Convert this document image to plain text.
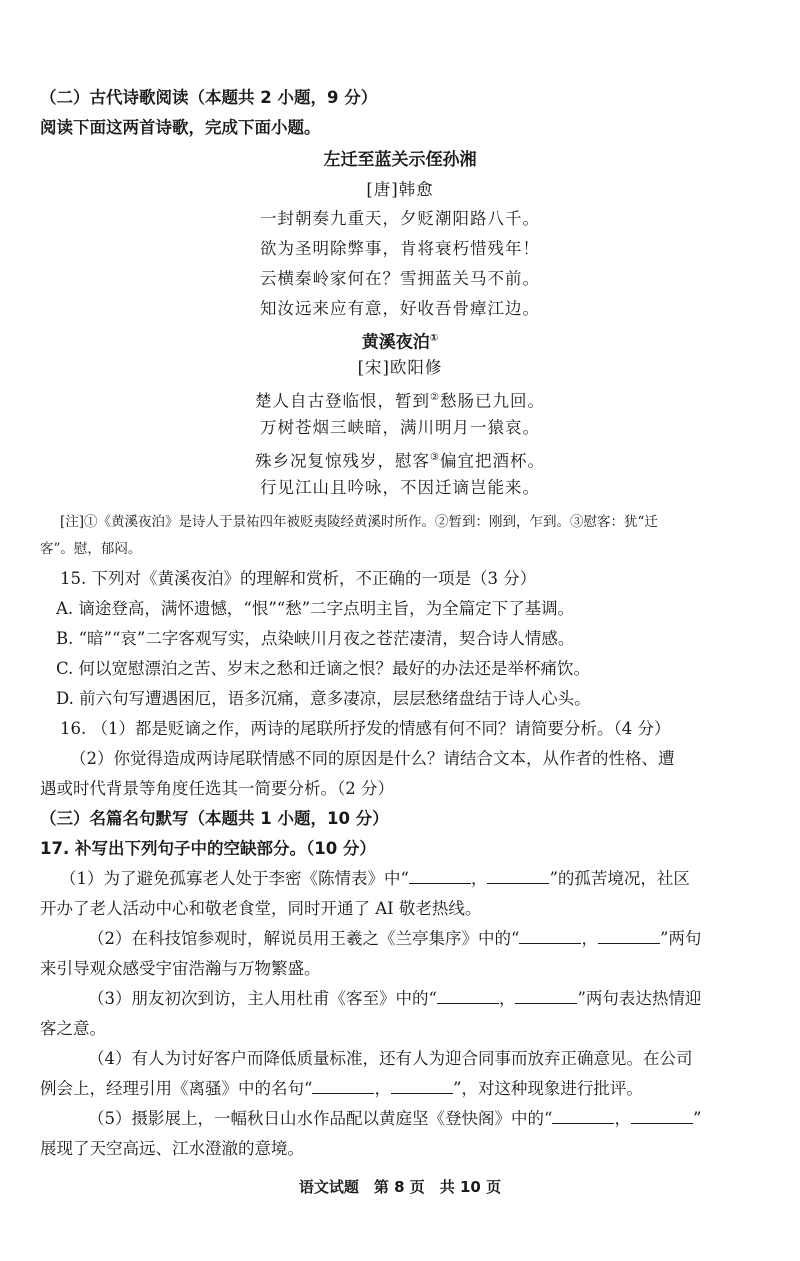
（二）古代诗歌阅读（本题共 2 小题，9 分）
阅读下面这两首诗歌，完成下面小题。
左迁至蓝关示侄孙湘
[唐]韩愈
一封朝奏九重天，夕贬潮阳路八千。
欲为圣明除弊事，肯将衰朽惜残年！
云横秦岭家何在？雪拥蓝关马不前。
知汝远来应有意，好收吾骨瘴江边。
黄溪夜泊①
[宋]欧阳修
楚人自古登临恨，暂到②愁肠已九回。
万树苍烟三峡暗，满川明月一猿哀。
殊乡况复惊残岁，慰客③偏宜把酒杯。
行见江山且吟咏，不因迁谪岂能来。
[注]①《黄溪夜泊》是诗人于景祐四年被贬夷陵经黄溪时所作。②暂到：刚到，乍到。③慰客：犹“迁
客”。慰，郁闷。
15. 下列对《黄溪夜泊》的理解和赏析，不正确的一项是（3 分）
A. 谪途登高，满怀遗憾，“恨”“愁”二字点明主旨，为全篇定下了基调。
B. “暗”“哀”二字客观写实，点染峡川月夜之苍茫凄清，契合诗人情感。
C. 何以宽慰漂泊之苦、岁末之愁和迁谪之恨？最好的办法还是举杯痛饮。
D. 前六句写遭遇困厄，语多沉痛，意多凄凉，层层愁绪盘结于诗人心头。
16. （1）都是贬谪之作，两诗的尾联所抒发的情感有何不同？请简要分析。（4 分）
（2）你觉得造成两诗尾联情感不同的原因是什么？请结合文本，从作者的性格、遭
遇或时代背景等角度任选其一简要分析。（2 分）
（三）名篇名句默写（本题共 1 小题，10 分）
17. 补写出下列句子中的空缺部分。（10 分）
（1）为了避免孤寡老人处于李密《陈情表》中“	，	”的孤苦境况，社区
开办了老人活动中心和敬老食堂，同时开通了 AI 敬老热线。
（2）在科技馆参观时，解说员用王羲之《兰亭集序》中的“	，	”两句
来引导观众感受宇宙浩瀚与万物繁盛。
（3）朋友初次到访，主人用杜甫《客至》中的“	，	”两句表达热情迎
客之意。
（4）有人为讨好客户而降低质量标准，还有人为迎合同事而放弃正确意见。在公司
例会上，经理引用《离骚》中的名句“	，	”，对这种现象进行批评。
（5）摄影展上，一幅秋日山水作品配以黄庭坚《登快阁》中的“	，	”
展现了天空高远、江水澄澈的意境。
语文试题　第 8 页　共 10 页
